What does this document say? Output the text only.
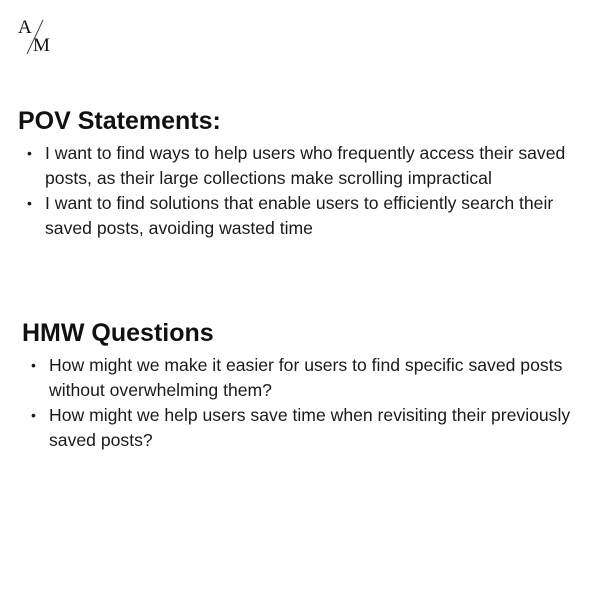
A
M
POV Statements:
• I want to find ways to help users who frequently access their saved posts, as their large collections make scrolling impractical
• I want to find solutions that enable users to efficiently search their saved posts, avoiding wasted time
HMW Questions
• How might we make it easier for users to find specific saved posts without overwhelming them?
• How might we help users save time when revisiting their previously saved posts?
